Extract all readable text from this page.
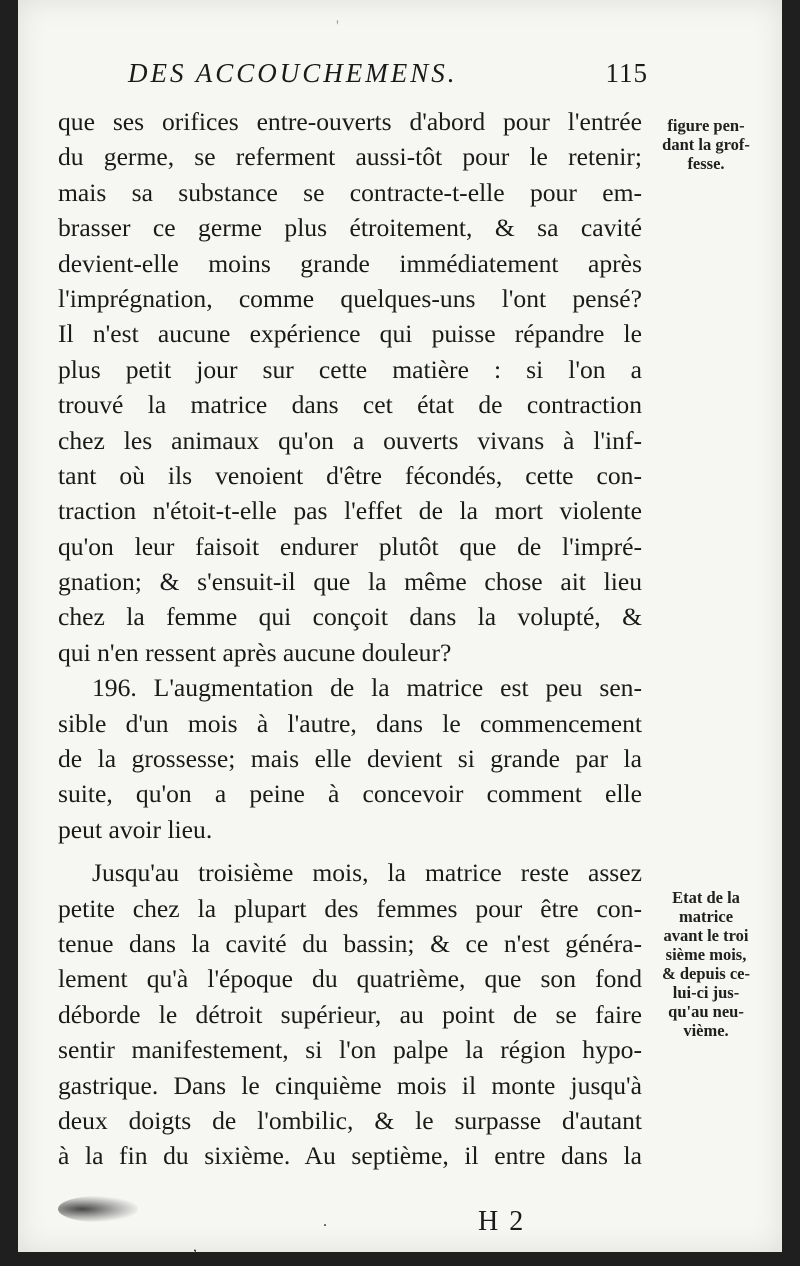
'
DES ACCOUCHEMENS.	115
figure pen-
dant la grof-
fesse.
Etat de la
matrice
avant le troi
sième mois,
& depuis ce-
lui-ci jus-
qu'au neu-
vième.

que ses orifices entre-ouverts d'abord pour l'entrée
du germe, se referment aussi-tôt pour le retenir;
mais sa substance se contracte-t-elle pour em-
brasser ce germe plus étroitement, & sa cavité
devient-elle moins grande immédiatement après
l'imprégnation, comme quelques-uns l'ont pensé?
Il n'est aucune expérience qui puisse répandre le
plus petit jour sur cette matière : si l'on a
trouvé la matrice dans cet état de contraction
chez les animaux qu'on a ouverts vivans à l'inf-
tant où ils venoient d'être fécondés, cette con-
traction n'étoit-t-elle pas l'effet de la mort violente
qu'on leur faisoit endurer plutôt que de l'impré-
gnation; & s'ensuit-il que la même chose ait lieu
chez la femme qui conçoit dans la volupté, &
qui n'en ressent après aucune douleur?
196. L'augmentation de la matrice est peu sen-
sible d'un mois à l'autre, dans le commencement
de la grossesse; mais elle devient si grande par la
suite, qu'on a peine à concevoir comment elle
peut avoir lieu.
Jusqu'au troisième mois, la matrice reste assez
petite chez la plupart des femmes pour être con-
tenue dans la cavité du bassin; & ce n'est généra-
lement qu'à l'époque du quatrième, que son fond
déborde le détroit supérieur, au point de se faire
sentir manifestement, si l'on palpe la région hypo-
gastrique. Dans le cinquième mois il monte jusqu'à
deux doigts de l'ombilic, & le surpasse d'autant
à la fin du sixième. Au septième, il entre dans la
.
,
H 2
